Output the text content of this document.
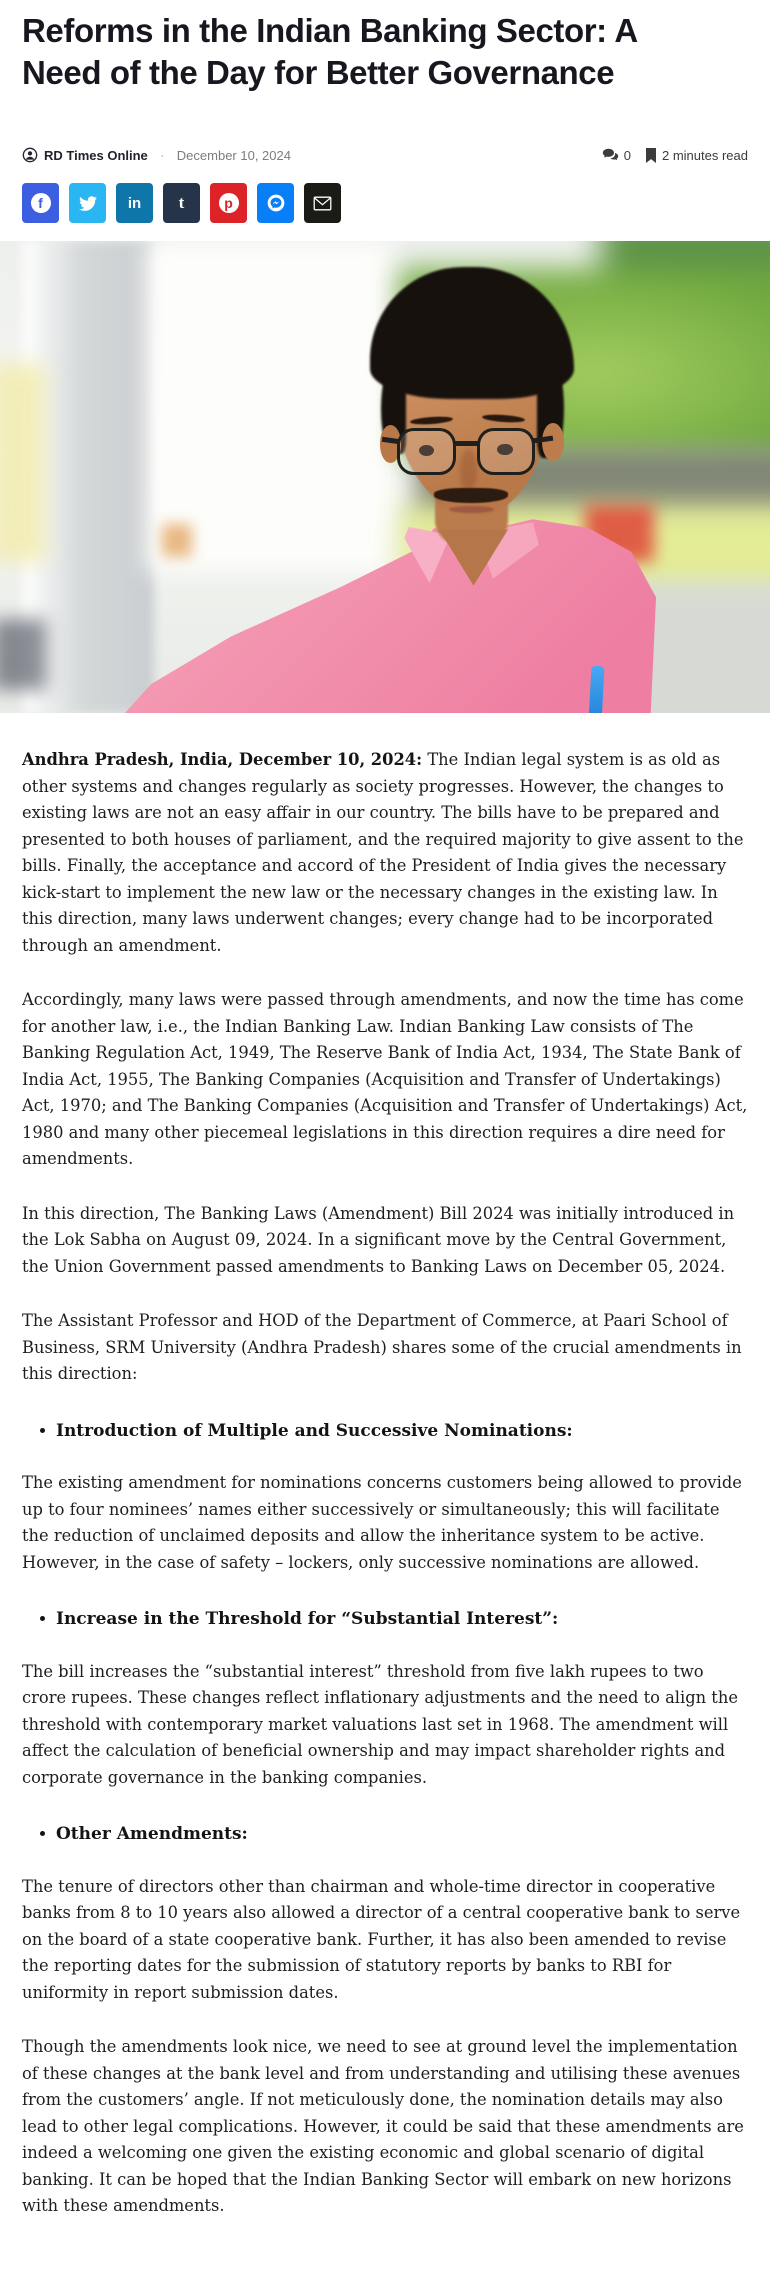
Reforms in the Indian Banking Sector: A Need of the Day for Better Governance
RD Times Online · December 10, 2024	0 2 minutes read
f	in t	p

Andhra Pradesh, India, December 10, 2024: The Indian legal system is as old as other systems and changes regularly as society progresses. However, the changes to existing laws are not an easy affair in our country. The bills have to be prepared and presented to both houses of parliament, and the required majority to give assent to the bills. Finally, the acceptance and accord of the President of India gives the necessary kick-start to implement the new law or the necessary changes in the existing law. In this direction, many laws underwent changes; every change had to be incorporated through an amendment.

Accordingly, many laws were passed through amendments, and now the time has come for another law, i.e., the Indian Banking Law. Indian Banking Law consists of The Banking Regulation Act, 1949, The Reserve Bank of India Act, 1934, The State Bank of India Act, 1955, The Banking Companies (Acquisition and Transfer of Undertakings) Act, 1970; and The Banking Companies (Acquisition and Transfer of Undertakings) Act, 1980 and many other piecemeal legislations in this direction requires a dire need for amendments.

In this direction, The Banking Laws (Amendment) Bill 2024 was initially introduced in the Lok Sabha on August 09, 2024. In a significant move by the Central Government, the Union Government passed amendments to Banking Laws on December 05, 2024.

The Assistant Professor and HOD of the Department of Commerce, at Paari School of Business, SRM University (Andhra Pradesh) shares some of the crucial amendments in this direction:

Introduction of Multiple and Successive Nominations:

The existing amendment for nominations concerns customers being allowed to provide up to four nominees’ names either successively or simultaneously; this will facilitate the reduction of unclaimed deposits and allow the inheritance system to be active. However, in the case of safety – lockers, only successive nominations are allowed.

Increase in the Threshold for “Substantial Interest”:

The bill increases the “substantial interest” threshold from five lakh rupees to two crore rupees. These changes reflect inflationary adjustments and the need to align the threshold with contemporary market valuations last set in 1968. The amendment will affect the calculation of beneficial ownership and may impact shareholder rights and corporate governance in the banking companies.

Other Amendments:

The tenure of directors other than chairman and whole-time director in cooperative banks from 8 to 10 years also allowed a director of a central cooperative bank to serve on the board of a state cooperative bank. Further, it has also been amended to revise the reporting dates for the submission of statutory reports by banks to RBI for uniformity in report submission dates.

Though the amendments look nice, we need to see at ground level the implementation of these changes at the bank level and from understanding and utilising these avenues from the customers’ angle. If not meticulously done, the nomination details may also lead to other legal complications. However, it could be said that these amendments are indeed a welcoming one given the existing economic and global scenario of digital banking. It can be hoped that the Indian Banking Sector will embark on new horizons with these amendments.
